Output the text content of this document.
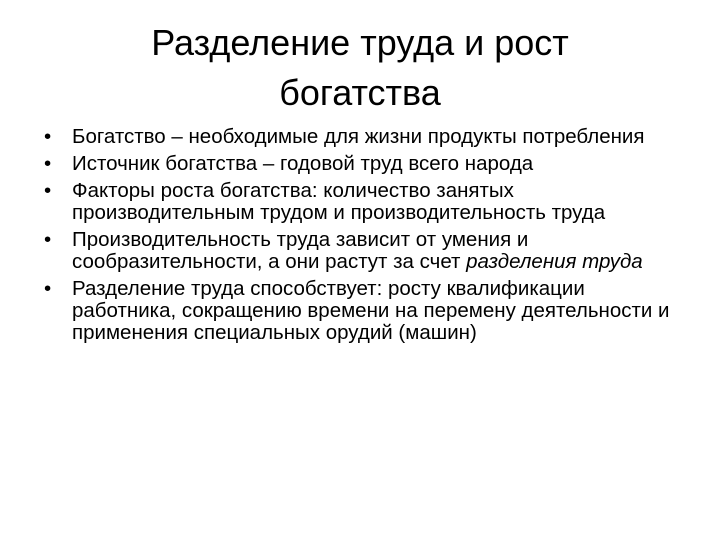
Разделение труда и рост
богатства
•	Богатство – необходимые для жизни продукты потребления
•	Источник богатства – годовой труд всего народа
•	Факторы роста богатства: количество занятых производительным трудом и производительность труда
•	Производительность труда зависит от умения и сообразительности, а они растут за счет разделения труда
•	Разделение труда способствует: росту квалификации работника, сокращению времени на перемену деятельности и применения специальных орудий (машин)
